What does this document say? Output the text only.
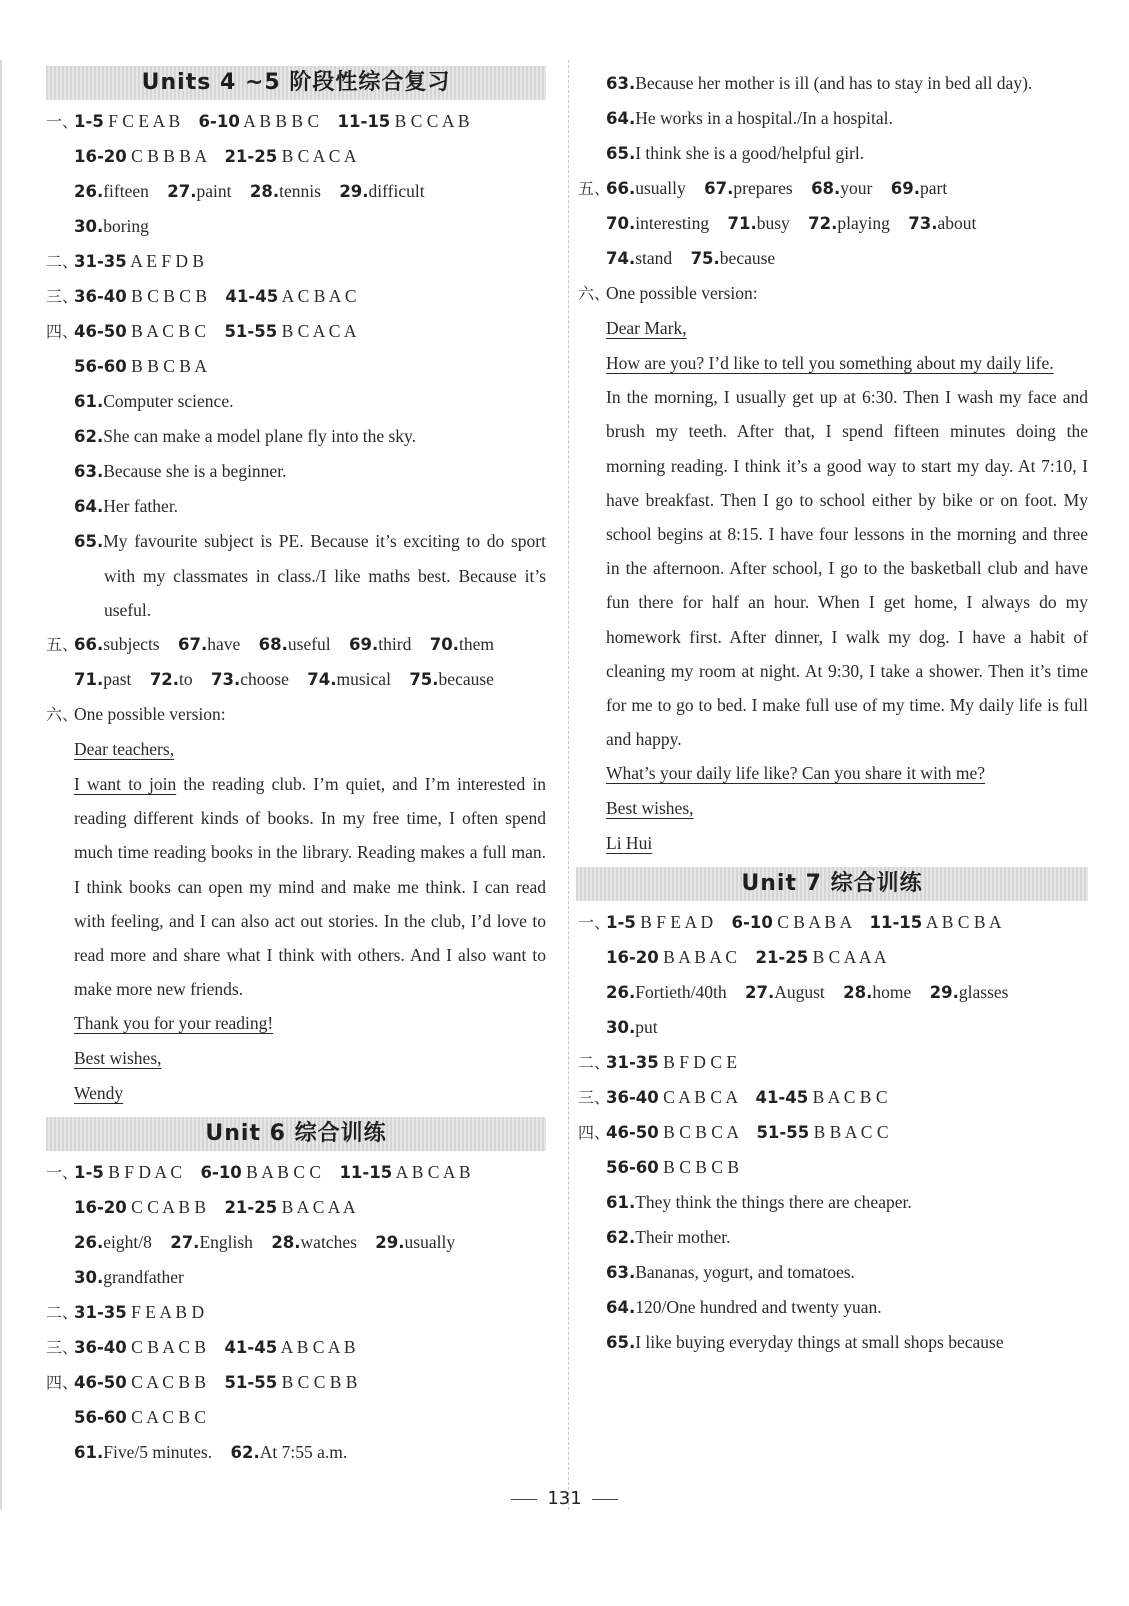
Units 4 ~5 阶段性综合复习
一、1-5 F C E A B 6-10 A B B B C 11-15 B C C A B
16-20 C B B B A 21-25 B C A C A
26.fifteen 27.paint 28.tennis 29.difficult
30.boring
二、31-35 A E F D B
三、36-40 B C B C B 41-45 A C B A C
四、46-50 B A C B C 51-55 B C A C A
56-60 B B C B A
61.Computer science.
62.She can make a model plane fly into the sky.
63.Because she is a beginner.
64.Her father.
65.My favourite subject is PE. Because it’s exciting to do sport with my classmates in class./I like maths best. Because it’s useful.
五、66.subjects 67.have 68.useful 69.third 70.them
71.past 72.to 73.choose 74.musical 75.because
六、One possible version:
Dear teachers,
I want to join the reading club. I’m quiet, and I’m interested in reading different kinds of books. In my free time, I often spend much time reading books in the library. Reading makes a full man. I think books can open my mind and make me think. I can read with feeling, and I can also act out stories. In the club, I’d love to read more and share what I think with others. And I also want to make more new friends.
Thank you for your reading!
Best wishes,
Wendy
Unit 6 综合训练
一、1-5 B F D A C 6-10 B A B C C 11-15 A B C A B
16-20 C C A B B 21-25 B A C A A
26.eight/8 27.English 28.watches 29.usually
30.grandfather
二、31-35 F E A B D
三、36-40 C B A C B 41-45 A B C A B
四、46-50 C A C B B 51-55 B C C B B
56-60 C A C B C
61.Five/5 minutes. 62.At 7:55 a.m.
63.Because her mother is ill (and has to stay in bed all day).
64.He works in a hospital./In a hospital.
65.I think she is a good/helpful girl.
五、66.usually 67.prepares 68.your 69.part
70.interesting 71.busy 72.playing 73.about
74.stand 75.because
六、One possible version:
Dear Mark,
How are you? I’d like to tell you something about my daily life.
In the morning, I usually get up at 6:30. Then I wash my face and brush my teeth. After that, I spend fifteen minutes doing the morning reading. I think it’s a good way to start my day. At 7:10, I have breakfast. Then I go to school either by bike or on foot. My school begins at 8:15. I have four lessons in the morning and three in the afternoon. After school, I go to the basketball club and have fun there for half an hour. When I get home, I always do my homework first. After dinner, I walk my dog. I have a habit of cleaning my room at night. At 9:30, I take a shower. Then it’s time for me to go to bed. I make full use of my time. My daily life is full and happy.
What’s your daily life like? Can you share it with me?
Best wishes,
Li Hui
Unit 7 综合训练
一、1-5 B F E A D 6-10 C B A B A 11-15 A B C B A
16-20 B A B A C 21-25 B C A A A
26.Fortieth/40th 27.August 28.home 29.glasses
30.put
二、31-35 B F D C E
三、36-40 C A B C A 41-45 B A C B C
四、46-50 B C B C A 51-55 B B A C C
56-60 B C B C B
61.They think the things there are cheaper.
62.Their mother.
63.Bananas, yogurt, and tomatoes.
64.120/One hundred and twenty yuan.
65.I like buying everyday things at small shops because
131
